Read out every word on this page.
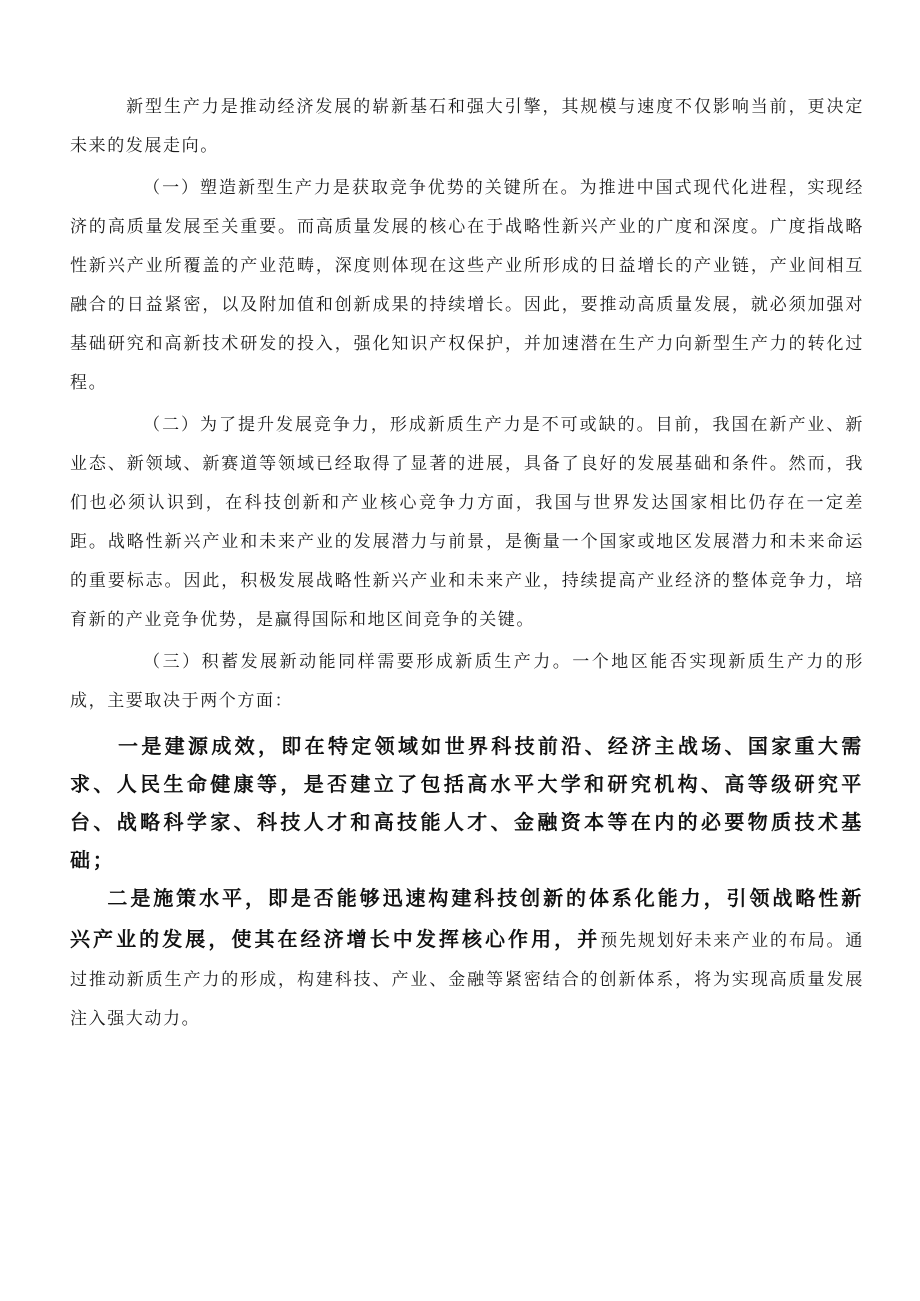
新型生产力是推动经济发展的崭新基石和强大引擎，其规模与速度不仅影响当前，更决定未来的发展走向。

（一）塑造新型生产力是获取竞争优势的关键所在。为推进中国式现代化进程，实现经济的高质量发展至关重要。而高质量发展的核心在于战略性新兴产业的广度和深度。广度指战略性新兴产业所覆盖的产业范畴，深度则体现在这些产业所形成的日益增长的产业链，产业间相互融合的日益紧密，以及附加值和创新成果的持续增长。因此，要推动高质量发展，就必须加强对基础研究和高新技术研发的投入，强化知识产权保护，并加速潜在生产力向新型生产力的转化过程。

（二）为了提升发展竞争力，形成新质生产力是不可或缺的。目前，我国在新产业、新业态、新领域、新赛道等领域已经取得了显著的进展，具备了良好的发展基础和条件。然而，我们也必须认识到，在科技创新和产业核心竞争力方面，我国与世界发达国家相比仍存在一定差距。战略性新兴产业和未来产业的发展潜力与前景，是衡量一个国家或地区发展潜力和未来命运的重要标志。因此，积极发展战略性新兴产业和未来产业，持续提高产业经济的整体竞争力，培育新的产业竞争优势，是赢得国际和地区间竞争的关键。

（三）积蓄发展新动能同样需要形成新质生产力。一个地区能否实现新质生产力的形成，主要取决于两个方面：

一是建源成效，即在特定领域如世界科技前沿、经济主战场、国家重大需求、人民生命健康等，是否建立了包括高水平大学和研究机构、高等级研究平台、战略科学家、科技人才和高技能人才、金融资本等在内的必要物质技术基础；

二是施策水平，即是否能够迅速构建科技创新的体系化能力，引领战略性新兴产业的发展，使其在经济增长中发挥核心作用，并预先规划好未来产业的布局。通过推动新质生产力的形成，构建科技、产业、金融等紧密结合的创新体系，将为实现高质量发展注入强大动力。
